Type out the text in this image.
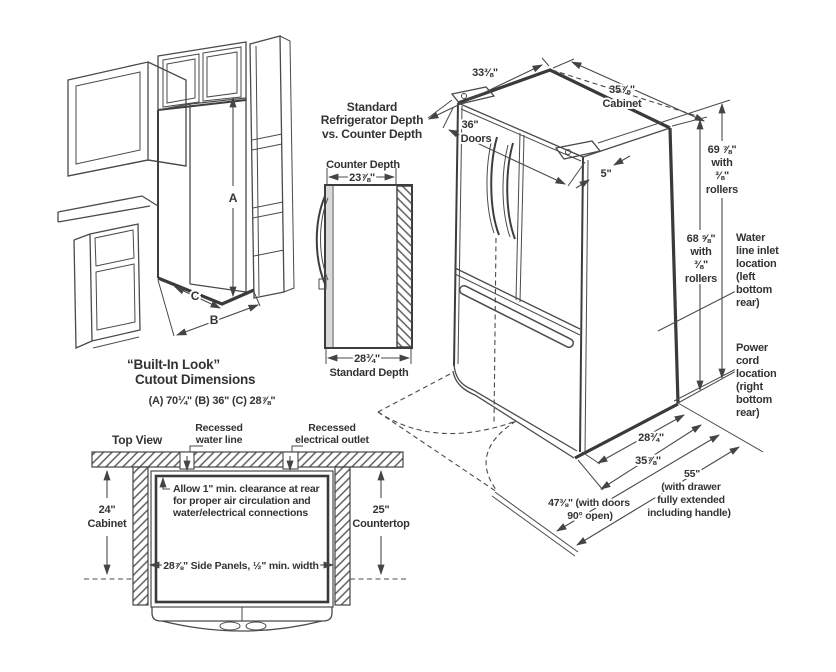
A
C
B
“Built-In Look”
Cutout Dimensions
(A) 70¼" (B) 36" (C) 28⅞"
Standard
Refrigerator Depth
vs. Counter Depth
Counter Depth
23⅞''
28¾"
Standard Depth
33⅜"
35⅞"
Cabinet
36"
Doors
5"
69 ⅞"
with
⅜"
rollers
68 ⅝"
with
⅜"
rollers
Water
line inlet
location
(left
bottom
rear)
Power
cord
location
(right
bottom
rear)
28¾''
35⅞''
47⅜" (with doors
90° open)
55"
(with drawer
fully extended
including handle)
Top View
Recessed
water line
Recessed
electrical outlet
Allow 1" min. clearance at rear
for proper air circulation and
water/electrical connections
28⅞" Side Panels, ½" min. width
24"
Cabinet
25"
Countertop
